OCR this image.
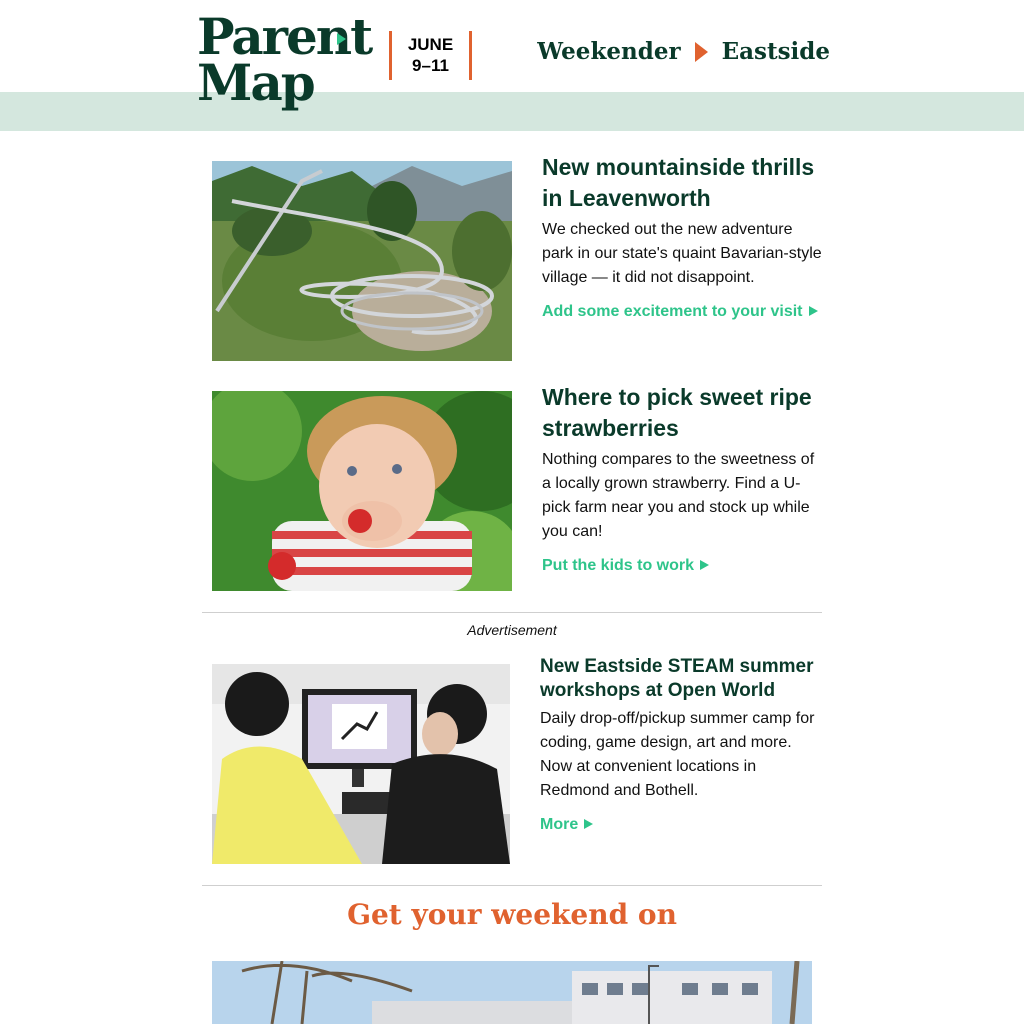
Parent
Map
JUNE
9–11
Weekender Eastside
New mountainside thrills in Leavenworth
We checked out the new adventure park in our state's quaint Bavarian-style village — it did not disappoint.
Add some excitement to your visit
Where to pick sweet ripe strawberries
Nothing compares to the sweetness of a locally grown strawberry. Find a U-pick farm near you and stock up while you can!
Put the kids to work
Advertisement
New Eastside STEAM summer workshops at Open World
Daily drop-off/pickup summer camp for coding, game design, art and more. Now at convenient locations in Redmond and Bothell.
More
Get your weekend on
